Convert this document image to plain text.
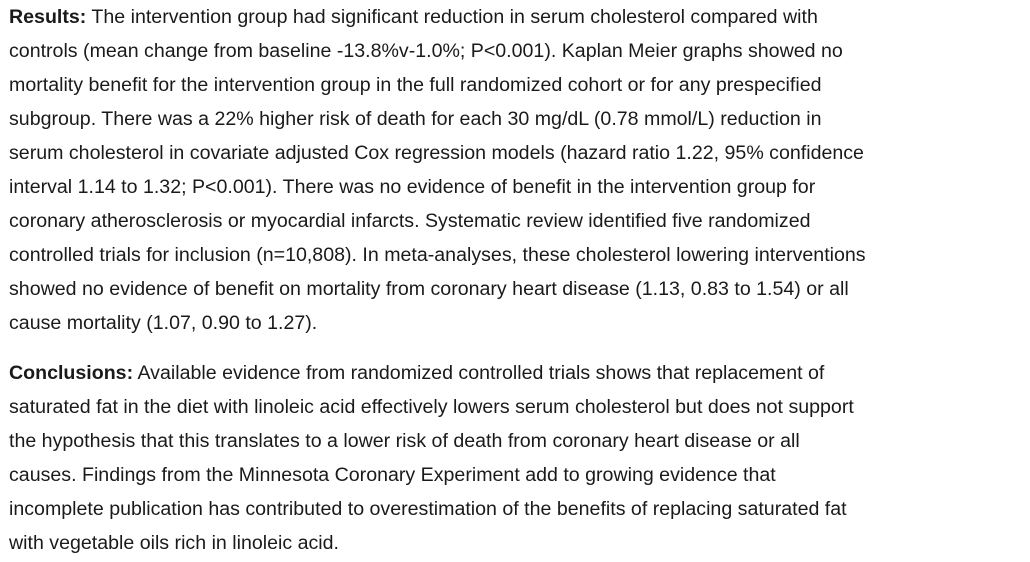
Results: The intervention group had significant reduction in serum cholesterol compared with
controls (mean change from baseline -13.8%v-1.0%; P<0.001). Kaplan Meier graphs showed no
mortality benefit for the intervention group in the full randomized cohort or for any prespecified
subgroup. There was a 22% higher risk of death for each 30 mg/dL (0.78 mmol/L) reduction in
serum cholesterol in covariate adjusted Cox regression models (hazard ratio 1.22, 95% confidence
interval 1.14 to 1.32; P<0.001). There was no evidence of benefit in the intervention group for
coronary atherosclerosis or myocardial infarcts. Systematic review identified five randomized
controlled trials for inclusion (n=10,808). In meta-analyses, these cholesterol lowering interventions
showed no evidence of benefit on mortality from coronary heart disease (1.13, 0.83 to 1.54) or all
cause mortality (1.07, 0.90 to 1.27).

Conclusions: Available evidence from randomized controlled trials shows that replacement of
saturated fat in the diet with linoleic acid effectively lowers serum cholesterol but does not support
the hypothesis that this translates to a lower risk of death from coronary heart disease or all
causes. Findings from the Minnesota Coronary Experiment add to growing evidence that
incomplete publication has contributed to overestimation of the benefits of replacing saturated fat
with vegetable oils rich in linoleic acid.
